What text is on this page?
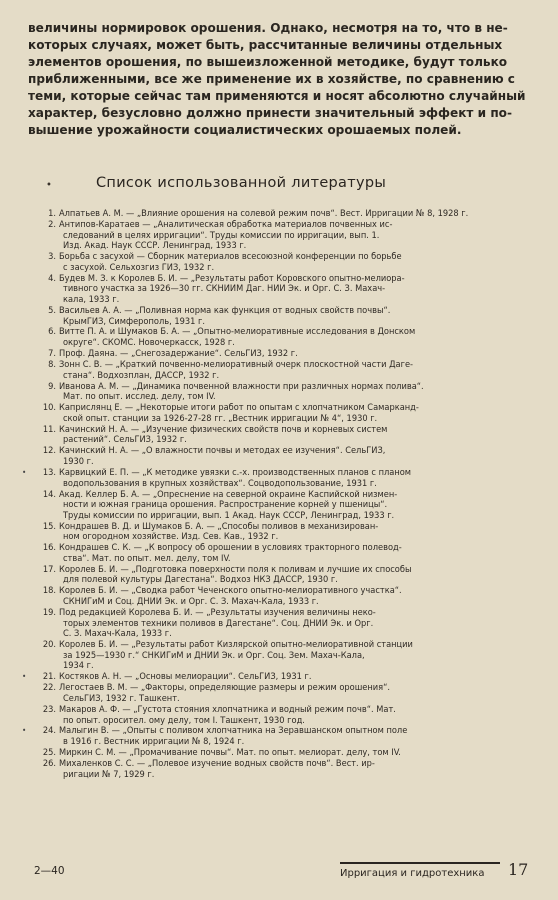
величины нормировок орошения. Однако, несмотря на то, что в не-
которых случаях, может быть, рассчитанные величины отдельных
элементов орошения, по вышеизложенной методике, будут только
приближенными, все же применение их в хозяйстве, по сравнению с
теми, которые сейчас там применяются и носят абсолютно случайный
характер, безусловно должно принести значительный эффект и по-
вышение урожайности социалистических орошаемых полей.
•	Список использованной литературы
1. Алпатьев А. М. — „Влияние орошения на солевой режим почв“. Вест. Ирригации № 8, 1928 г.
2. Антипов-Каратаев — „Аналитическая обработка материалов почвенных ис-
следований в целях ирригации“. Труды комиссии по ирригации, вып. 1.
Изд. Акад. Наук СССР. Ленинград, 1933 г.
3. Борьба с засухой — Сборник материалов всесоюзной конференции по борьбе
с засухой. Сельхозгиз ГИЗ, 1932 г.
4. Будев М. З. к Королев Б. И. — „Результаты работ Коровского опытно-мелиора-
тивного участка за 1926—30 гг. СКНИИМ Даг. НИИ Эк. и Орг. С. З. Махач-
кала, 1933 г.
5. Васильев А. А. — „Поливная норма как функция от водных свойств почвы“.
КрымГИЗ, Симферополь, 1931 г.
6. Витте П. А. и Шумаков Б. А. — „Опытно-мелиоративные исследования в Донском
округе“. СКОМС. Новочеркасск, 1928 г.
7. Проф. Даяна. — „Снегозадержание“. СельГИЗ, 1932 г.
8. Зонн С. В. — „Краткий почвенно-мелиоративный очерк плоскостной части Даге-
стана“. Водхозплан, ДАССР, 1932 г.
9. Иванова А. М. — „Динамика почвенной влажности при различных нормах полива“.
Мат. по опыт. исслед. делу, том IV.
10. Каприслянц Е. — „Некоторые итоги работ по опытам с хлопчатником Самарканд-
ской опыт. станции за 1926-27-28 гг. „Вестник ирригации № 4“, 1930 г.
11. Качинский Н. А. — „Изучение физических свойств почв и корневых систем
растений“. СельГИЗ, 1932 г.
12. Качинский Н. А. — „О влажности почвы и методах ее изучения“. СельГИЗ,
1930 г.
•	13. Карвицкий Е. П. — „К методике увязки с.-х. производственных планов с планом
водопользования в крупных хозяйствах“. Соцводопользование, 1931 г.
14. Акад. Келлер Б. А. — „Опреснение на северной окраине Каспийской низмен-
ности и южная граница орошения. Распространение корней у пшеницы“.
Труды комиссии по ирригации, вып. 1 Акад. Наук СССР, Ленинград, 1933 г.
15. Кондрашев В. Д. и Шумаков Б. А. — „Способы поливов в механизирован-
ном огородном хозяйстве. Изд. Сев. Кав., 1932 г.
16. Кондрашев С. К. — „К вопросу об орошении в условиях тракторного полевод-
ства“. Мат. по опыт. мел. делу, том IV.
17. Королев Б. И. — „Подготовка поверхности поля к поливам и лучшие их способы
для полевой культуры Дагестана“. Водхоз НКЗ ДАССР, 1930 г.
18. Королев Б. И. — „Сводка работ Чеченского опытно-мелиоративного участка“.
СКНИГиМ и Соц. ДНИИ Эк. и Орг. С. З. Махач-Кала, 1933 г.
19. Под редакцией Королева Б. И. — „Результаты изучения величины неко-
торых элементов техники поливов в Дагестане“. Соц. ДНИИ Эк. и Орг.
С. З. Махач-Кала, 1933 г.
20. Королев Б. И. — „Результаты работ Кизлярской опытно-мелиоративной станции
за 1925—1930 г.“ СНКИГиМ и ДНИИ Эк. и Орг. Соц. Зем. Махач-Кала,
1934 г.
•	21. Костяков А. Н. — „Основы мелиорации“. СельГИЗ, 1931 г.
22. Легостаев В. М. — „Факторы, определяющие размеры и режим орошения“.
СельГИЗ, 1932 г. Ташкент.
23. Макаров А. Ф. — „Густота стояния хлопчатника и водный режим почв“. Мат.
по опыт. оросител. ому делу, том I. Ташкент, 1930 год.
•	24. Малыгин В. — „Опыты с поливом хлопчатника на Зеравшанском опытном поле
в 1916 г. Вестник ирригации № 8, 1924 г.
25. Миркин С. М. — „Промачивание почвы“. Мат. по опыт. мелиорат. делу, том IV.
26. Михаленков С. С. — „Полевое изучение водных свойств почв“. Вест. ир-
ригации № 7, 1929 г.
2—40	Ирригация и гидротехника 17
